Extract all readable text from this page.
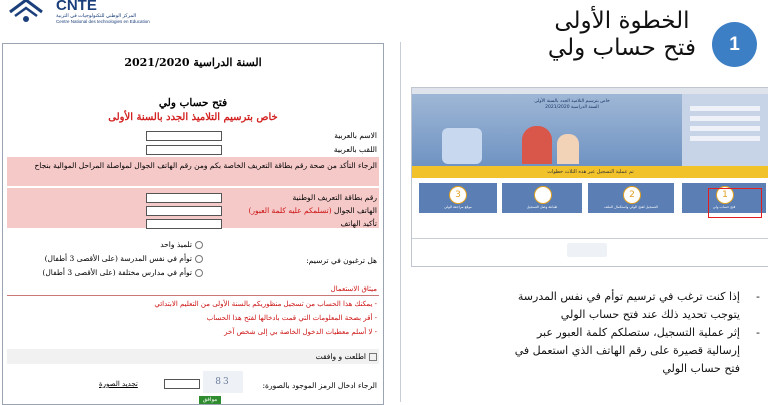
CNTE
المركز الوطني للتكنولوجيات في التربية
Centre National des technologies en Education
السنة الدراسية 2021/2020
فتح حساب ولي
خاص بترسيم التلاميذ الجدد بالسنة الأولى
الاسم بالعربية
اللقب بالعربية
الرجاء التأكد من صحة رقم بطاقة التعريف الخاصة بكم ومن رقم الهاتف الجوال لمواصلة المراحل الموالية بنجاح
رقم بطاقة التعريف الوطنية
الهاتف الجوال (تسلمكم عليه كلمة العبور)
تأكيد الهاتف
تلميذ واحد
توأم في نفس المدرسة (على الأقصى 3 أطفال)	هل ترغبون في ترسيم:
توأم في مدارس مختلفة (على الأقصى 3 أطفال)
ميثاق الاستعمال
- يمكنك هذا الحساب من تسجيل منظوريكم بالسنة الأولى من التعليم الابتدائي
- أقر بصحة المعلومات التي قمت بادخالها لفتح هذا الحساب
- لا أسلم معطيات الدخول الخاصة بي إلى شخص آخر
اطلعت و وافقت
الرجاء ادخال الرمز الموجود بالصورة:
83
تجديد الصورة
موافق
1
الخطوة الأولى
فتح حساب ولي
خاص بترسيم التلاميذ الجدد بالسنة الأولى
السنة الدراسية 2021/2020
تم عملية التسجيل عبر هذه الثلاث خطوات
3
موقع مراجعة الولي	طباعة وصل التسجيل
2
التسجيل لفتح الولي واستكمال الملف
1
فتح حساب ولي
-
إذا كنت ترغب في ترسيم توأم في نفس المدرسة
يتوجب تحديد ذلك عند فتح حساب الولي
-
إثر عملية التسجيل، ستصلكم كلمة العبور عبر
إرسالية قصيرة على رقم الهاتف الذي استعمل في
فتح حساب الولي
